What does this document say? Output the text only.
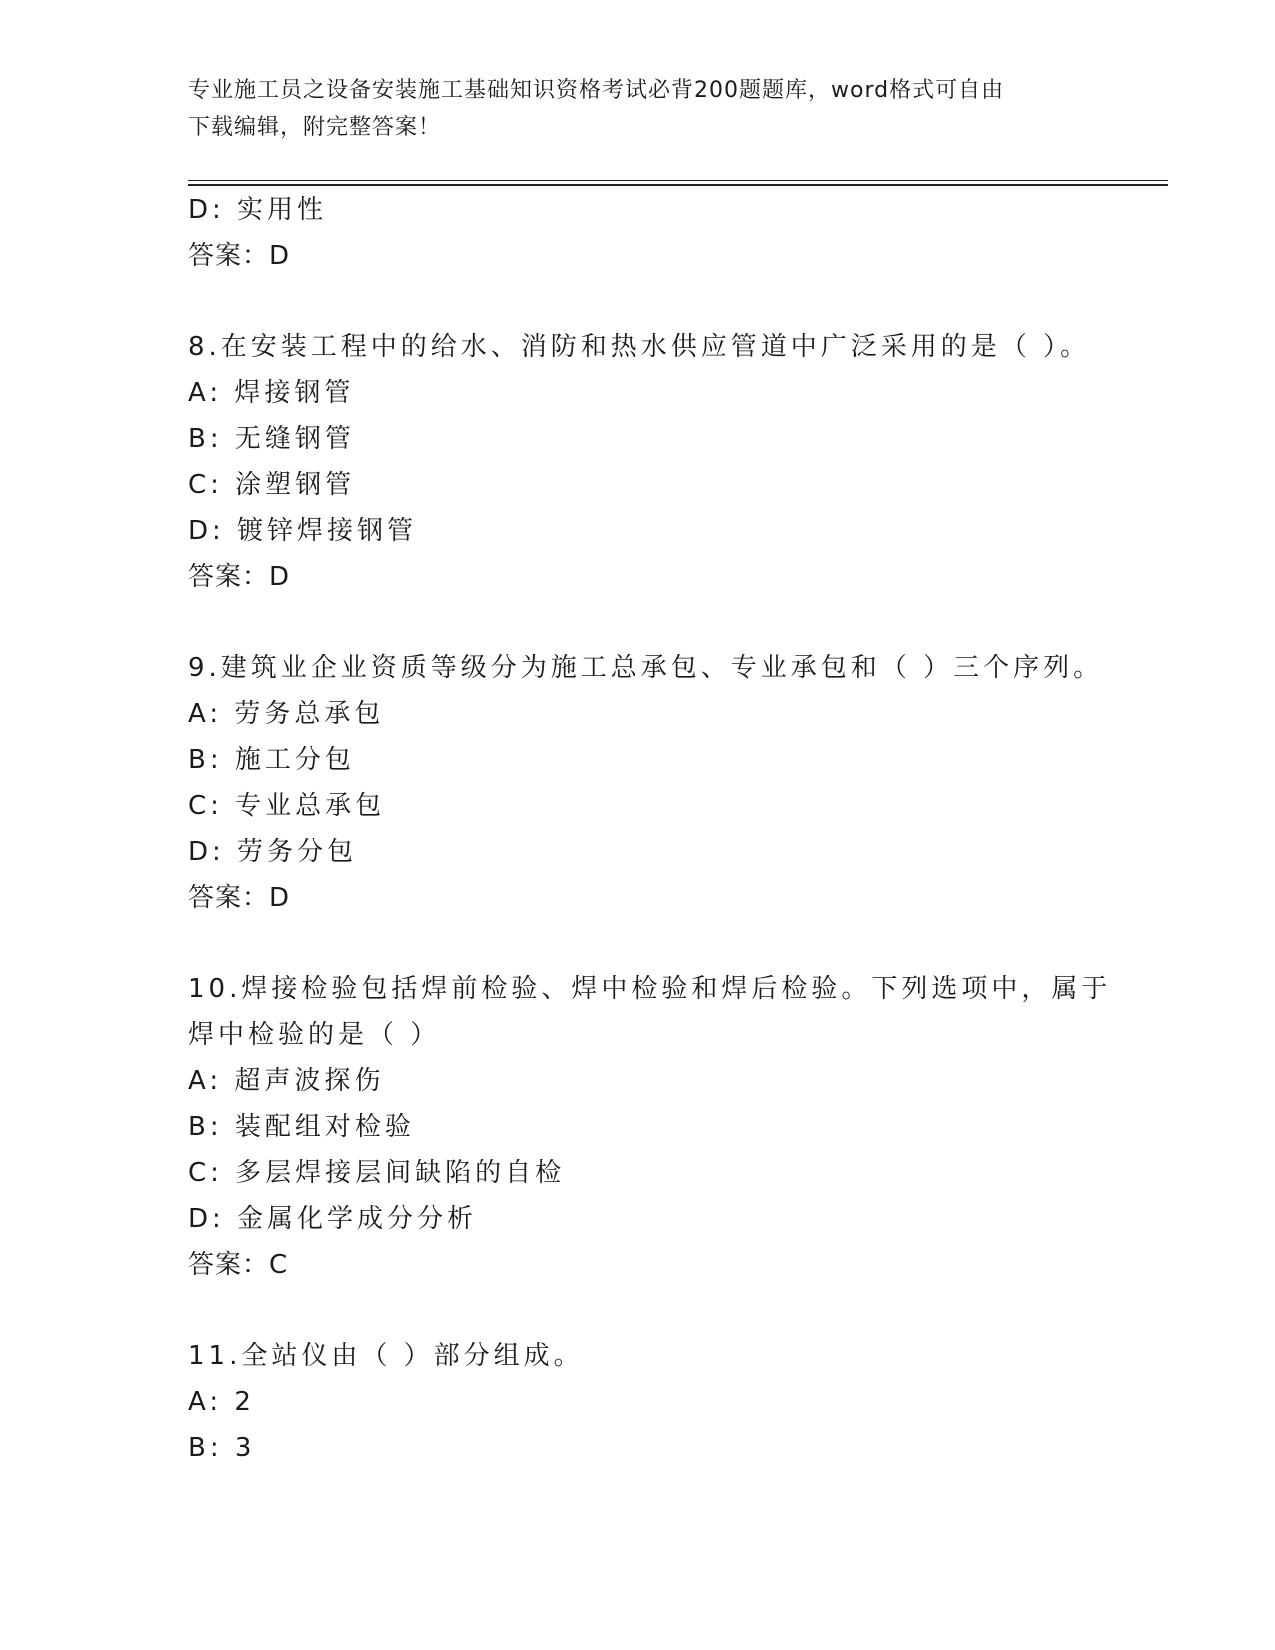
专业施工员之设备安装施工基础知识资格考试必背200题题库，word格式可自由
下载编辑，附完整答案！
D: 实用性
答案：D
8.在安装工程中的给水、消防和热水供应管道中广泛采用的是（ ）。
A: 焊接钢管
B: 无缝钢管
C: 涂塑钢管
D: 镀锌焊接钢管
答案：D
9.建筑业企业资质等级分为施工总承包、专业承包和（ ）三个序列。
A: 劳务总承包
B: 施工分包
C: 专业总承包
D: 劳务分包
答案：D
10.焊接检验包括焊前检验、焊中检验和焊后检验。下列选项中，属于
焊中检验的是（ ）
A: 超声波探伤
B: 装配组对检验
C: 多层焊接层间缺陷的自检
D: 金属化学成分分析
答案：C
11.全站仪由（ ）部分组成。
A: 2
B: 3
